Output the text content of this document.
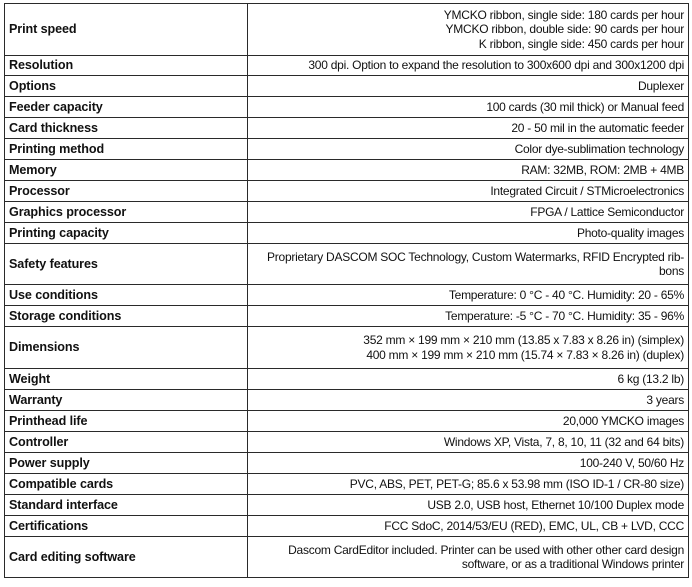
Print speed	YMCKO ribbon, single side: 180 cards per hour
YMCKO ribbon, double side: 90 cards per hour
K ribbon, single side: 450 cards per hour

Resolution	300 dpi. Option to expand the resolution to 300x600 dpi and 300x1200 dpi

Options	Duplexer

Feeder capacity	100 cards (30 mil thick) or Manual feed

Card thickness	20 - 50 mil in the automatic feeder

Printing method	Color dye-sublimation technology

Memory	RAM: 32MB, ROM: 2MB + 4MB

Processor	Integrated Circuit / STMicroelectronics

Graphics processor	FPGA / Lattice Semiconductor

Printing capacity	Photo-quality images

Safety features	Proprietary DASCOM SOC Technology, Custom Watermarks, RFID Encrypted rib-
bons

Use conditions	Temperature: 0 °C - 40 °C. Humidity: 20 - 65%

Storage conditions	Temperature: -5 °C - 70 °C. Humidity: 35 - 96%

Dimensions	352 mm × 199 mm × 210 mm (13.85 x 7.83 x 8.26 in) (simplex)
400 mm × 199 mm × 210 mm (15.74 × 7.83 × 8.26 in) (duplex)

Weight	6 kg (13.2 lb)

Warranty	3 years

Printhead life	20,000 YMCKO images

Controller	Windows XP, Vista, 7, 8, 10, 11 (32 and 64 bits)

Power supply	100-240 V, 50/60 Hz

Compatible cards	PVC, ABS, PET, PET-G; 85.6 x 53.98 mm (ISO ID-1 / CR-80 size)

Standard interface	USB 2.0, USB host, Ethernet 10/100 Duplex mode

Certifications	FCC SdoC, 2014/53/EU (RED), EMC, UL, CB + LVD, CCC

Card editing software	Dascom CardEditor included. Printer can be used with other other card design
software, or as a traditional Windows printer
